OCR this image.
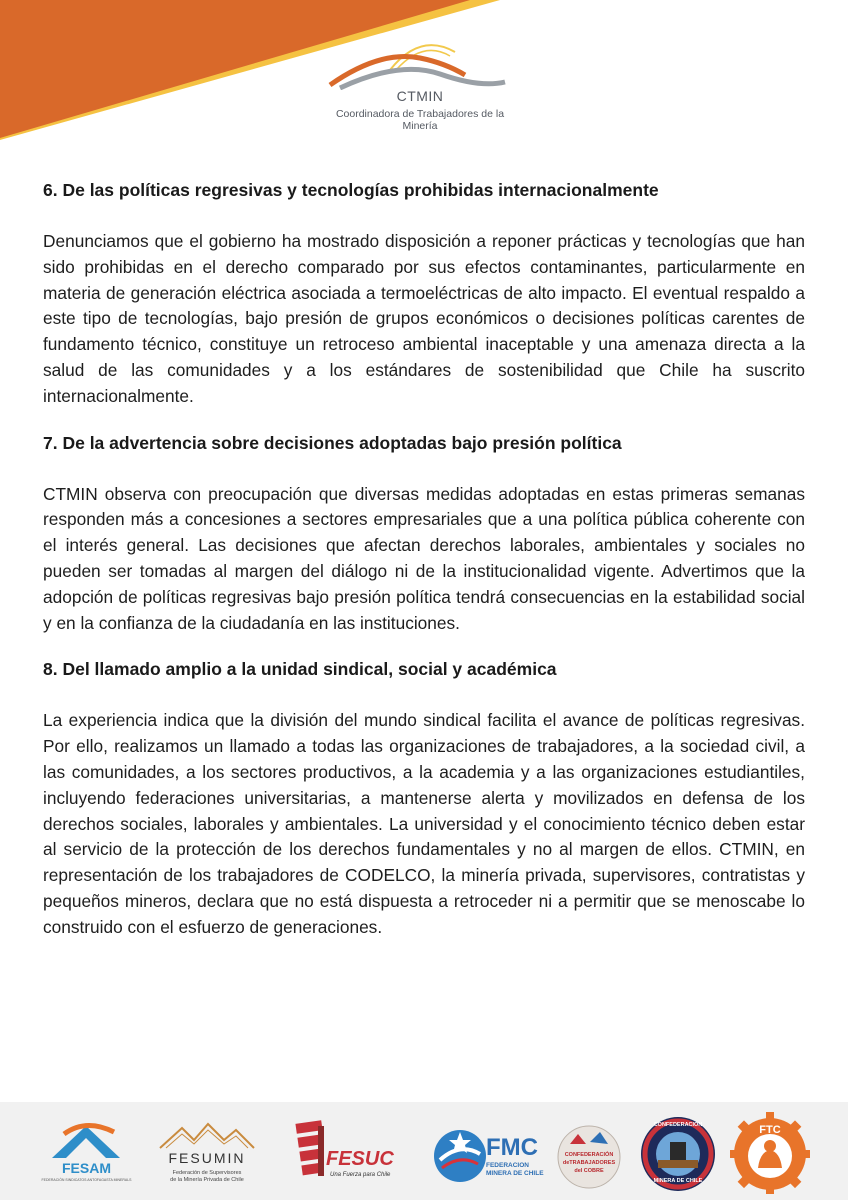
CTMIN
Coordinadora de Trabajadores de la Minería
6. De las políticas regresivas y tecnologías prohibidas internacionalmente

Denunciamos que el gobierno ha mostrado disposición a reponer prácticas y tecnologías que han sido prohibidas en el derecho comparado por sus efectos contaminantes, particularmente en materia de generación eléctrica asociada a termoeléctricas de alto impacto. El eventual respaldo a este tipo de tecnologías, bajo presión de grupos económicos o decisiones políticas carentes de fundamento técnico, constituye un retroceso ambiental inaceptable y una amenaza directa a la salud de las comunidades y a los estándares de sostenibilidad que Chile ha suscrito internacionalmente.

7. De la advertencia sobre decisiones adoptadas bajo presión política

CTMIN observa con preocupación que diversas medidas adoptadas en estas primeras semanas responden más a concesiones a sectores empresariales que a una política pública coherente con el interés general. Las decisiones que afectan derechos laborales, ambientales y sociales no pueden ser tomadas al margen del diálogo ni de la institucionalidad vigente. Advertimos que la adopción de políticas regresivas bajo presión política tendrá consecuencias en la estabilidad social y en la confianza de la ciudadanía en las instituciones.

8. Del llamado amplio a la unidad sindical, social y académica

La experiencia indica que la división del mundo sindical facilita el avance de políticas regresivas. Por ello, realizamos un llamado a todas las organizaciones de trabajadores, a la sociedad civil, a las comunidades, a los sectores productivos, a la academia y a las organizaciones estudiantiles, incluyendo federaciones universitarias, a mantenerse alerta y movilizados en defensa de los derechos sociales, laborales y ambientales. La universidad y el conocimiento técnico deben estar al servicio de la protección de los derechos fundamentales y no al margen de ellos. CTMIN, en representación de los trabajadores de CODELCO, la minería privada, supervisores, contratistas y pequeños mineros, declara que no está dispuesta a retroceder ni a permitir que se menoscabe lo construido con el esfuerzo de generaciones.

FESAM
FEDERACIÓN SINDICATOS ANTOFAGASTA MINERALS
FESUMIN
Federación de Supervisores
de la Minería Privada de Chile
FESUC
Una Fuerza para Chile
FMC
FEDERACION
MINERA DE CHILE
CONFEDERACIÓN
deTRABAJADORES
del COBRE
CONFEDERACIÓN
MINERA DE CHILE
FTC
CHILE
